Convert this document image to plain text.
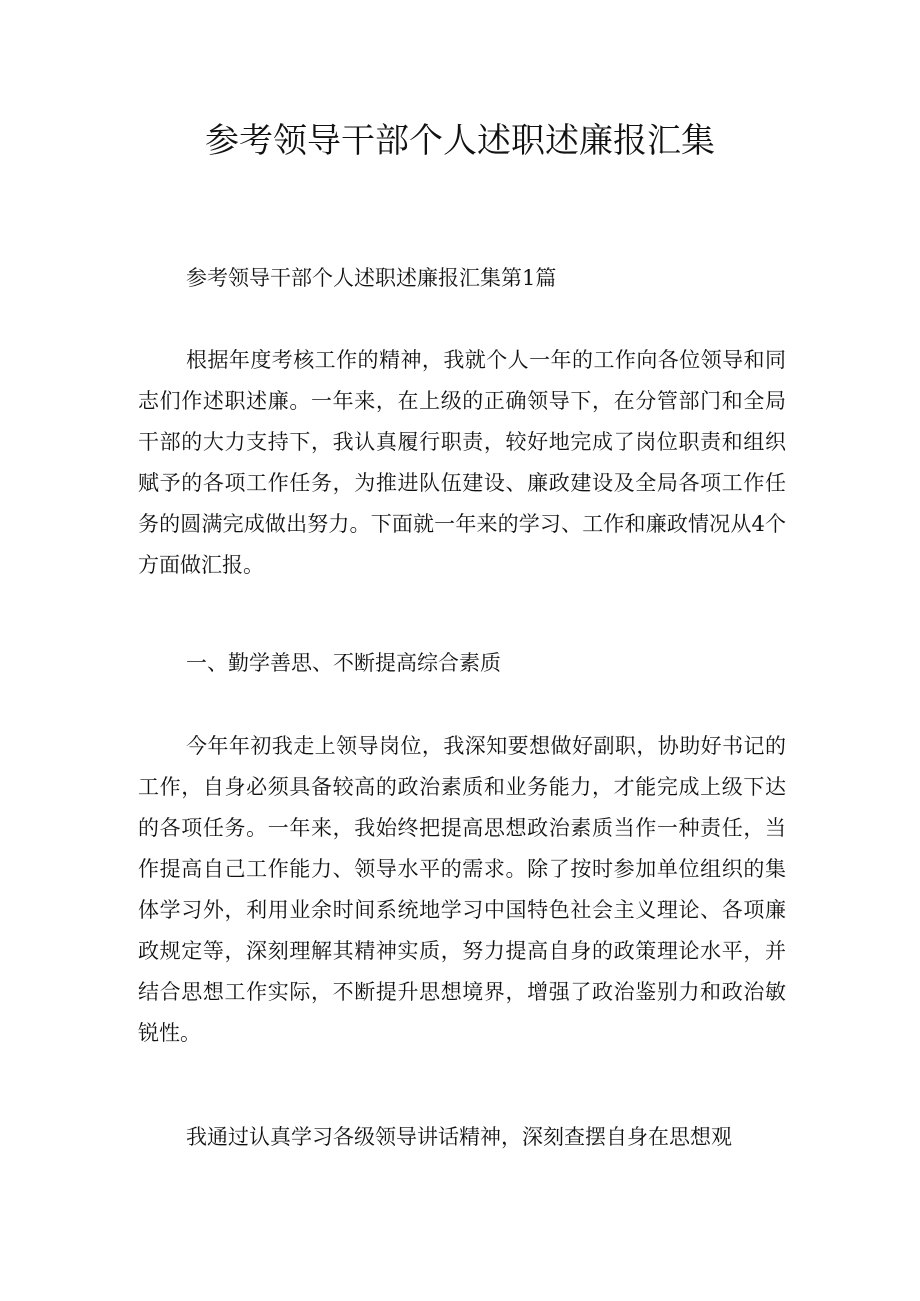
参考领导干部个人述职述廉报汇集

参考领导干部个人述职述廉报汇集第1篇

根据年度考核工作的精神，我就个人一年的工作向各位领导和同志们作述职述廉。一年来，在上级的正确领导下，在分管部门和全局干部的大力支持下，我认真履行职责，较好地完成了岗位职责和组织赋予的各项工作任务，为推进队伍建设、廉政建设及全局各项工作任务的圆满完成做出努力。下面就一年来的学习、工作和廉政情况从4个方面做汇报。

一、勤学善思、不断提高综合素质

今年年初我走上领导岗位，我深知要想做好副职，协助好书记的工作，自身必须具备较高的政治素质和业务能力，才能完成上级下达的各项任务。一年来，我始终把提高思想政治素质当作一种责任，当作提高自己工作能力、领导水平的需求。除了按时参加单位组织的集体学习外，利用业余时间系统地学习中国特色社会主义理论、各项廉政规定等，深刻理解其精神实质，努力提高自身的政策理论水平，并结合思想工作实际，不断提升思想境界，增强了政治鉴别力和政治敏锐性。

我通过认真学习各级领导讲话精神，深刻查摆自身在思想观
